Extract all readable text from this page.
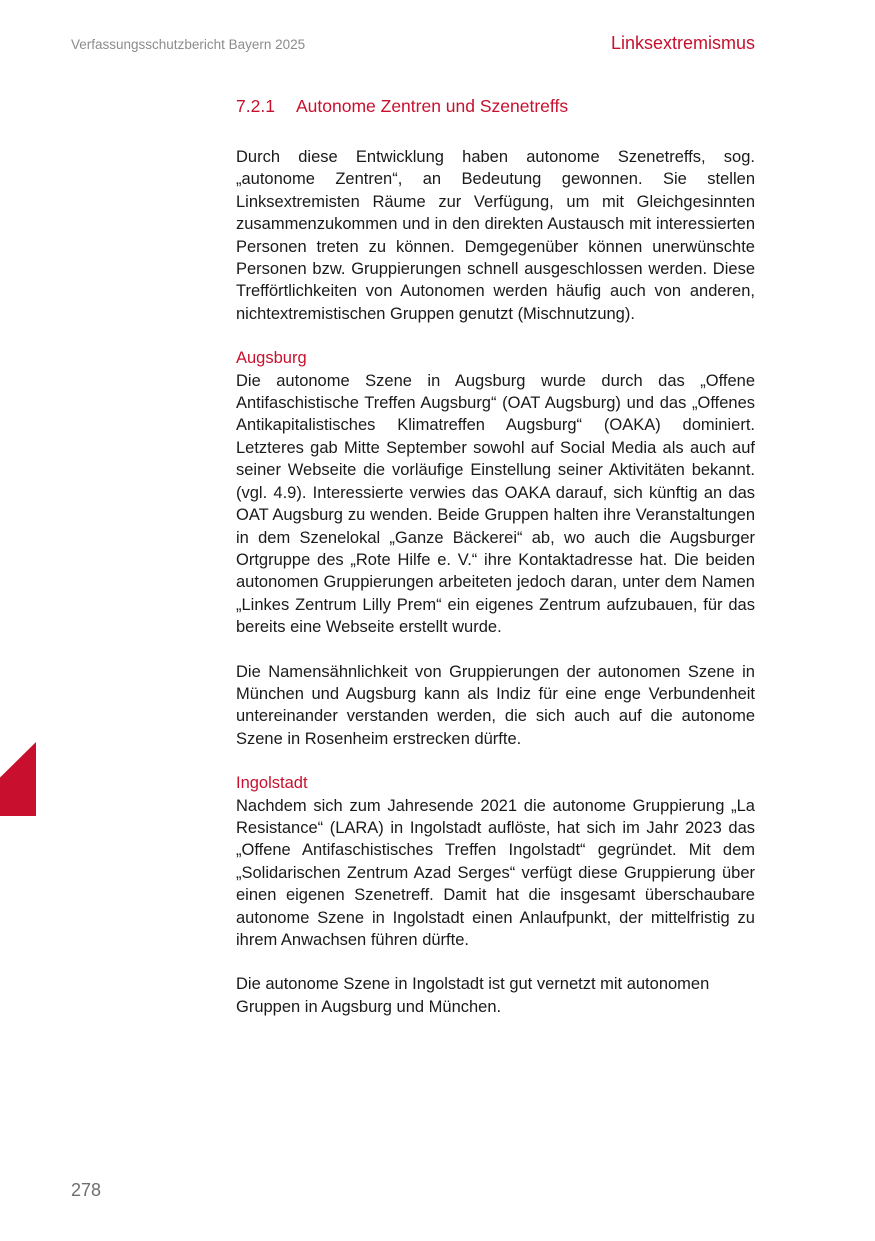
Verfassungsschutzbericht Bayern 2025	Linksextremismus
7.2.1 Autonome Zentren und Szenetreffs

Durch diese Entwicklung haben autonome Szenetreffs, sog. „autonome Zentren“, an Bedeutung gewonnen. Sie stellen Linksextremisten Räume zur Verfügung, um mit Gleichgesinnten zusammenzukommen und in den direkten Austausch mit interessierten Personen treten zu können. Demgegenüber können unerwünschte Personen bzw. Gruppierungen schnell ausgeschlossen werden. Diese Trefförtlichkeiten von Autonomen werden häufig auch von anderen, nichtextremistischen Gruppen genutzt (Mischnutzung).

Augsburg

Die autonome Szene in Augsburg wurde durch das „Offene Antifaschistische Treffen Augsburg“ (OAT Augsburg) und das „Offenes Antikapitalistisches Klimatreffen Augsburg“ (OAKA) dominiert. Letzteres gab Mitte September sowohl auf Social Media als auch auf seiner Webseite die vorläufige Einstellung seiner Aktivitäten bekannt. (vgl. 4.9). Interessierte verwies das OAKA darauf, sich künftig an das OAT Augsburg zu wenden. Beide Gruppen halten ihre Veranstaltungen in dem Szenelokal „Ganze Bäckerei“ ab, wo auch die Augsburger Ortgruppe des „Rote Hilfe e. V.“ ihre Kontaktadresse hat. Die beiden autonomen Gruppierungen arbeiteten jedoch daran, unter dem Namen „Linkes Zentrum Lilly Prem“ ein eigenes Zentrum aufzubauen, für das bereits eine Webseite erstellt wurde.

Die Namensähnlichkeit von Gruppierungen der autonomen Szene in München und Augsburg kann als Indiz für eine enge Verbundenheit untereinander verstanden werden, die sich auch auf die autonome Szene in Rosenheim erstrecken dürfte.

Ingolstadt

Nachdem sich zum Jahresende 2021 die autonome Gruppierung „La Resistance“ (LARA) in Ingolstadt auflöste, hat sich im Jahr 2023 das „Offene Antifaschistisches Treffen Ingolstadt“ gegründet. Mit dem „Solidarischen Zentrum Azad Serges“ verfügt diese Gruppierung über einen eigenen Szenetreff. Damit hat die insgesamt überschaubare autonome Szene in Ingolstadt einen Anlaufpunkt, der mittelfristig zu ihrem Anwachsen führen dürfte.

Die autonome Szene in Ingolstadt ist gut vernetzt mit autonomen Gruppen in Augsburg und München.

278
